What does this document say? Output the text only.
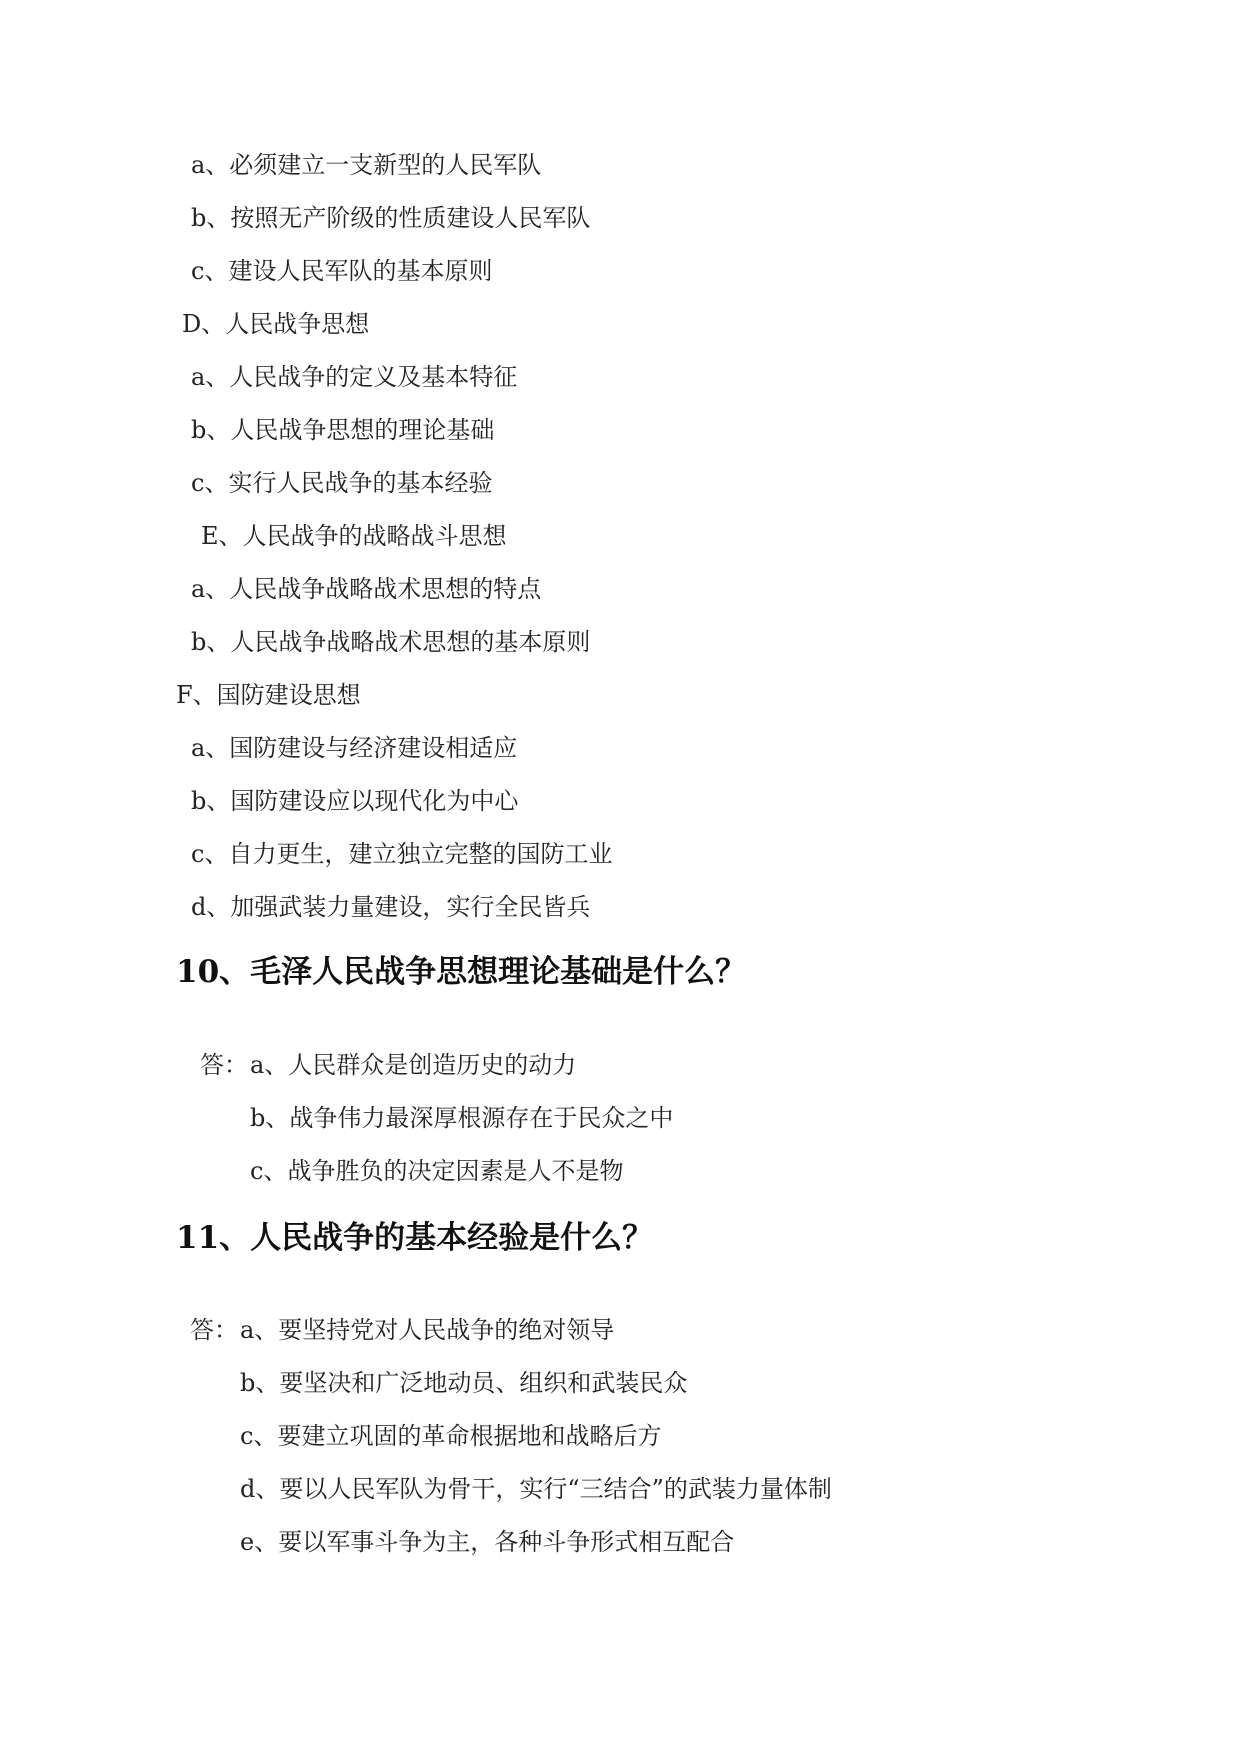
a、必须建立一支新型的人民军队
b、按照无产阶级的性质建设人民军队
c、建设人民军队的基本原则
D、人民战争思想
a、人民战争的定义及基本特征
b、人民战争思想的理论基础
c、实行人民战争的基本经验
E、人民战争的战略战斗思想
a、人民战争战略战术思想的特点
b、人民战争战略战术思想的基本原则
F、国防建设思想
a、国防建设与经济建设相适应
b、国防建设应以现代化为中心
c、自力更生，建立独立完整的国防工业
d、加强武装力量建设，实行全民皆兵
10、毛泽人民战争思想理论基础是什么？
答： a、人民群众是创造历史的动力
b、战争伟力最深厚根源存在于民众之中
c、战争胜负的决定因素是人不是物
11、人民战争的基本经验是什么？
答： a、要坚持党对人民战争的绝对领导
b、要坚决和广泛地动员、组织和武装民众
c、要建立巩固的革命根据地和战略后方
d、要以人民军队为骨干，实行“三结合”的武装力量体制
e、要以军事斗争为主，各种斗争形式相互配合
